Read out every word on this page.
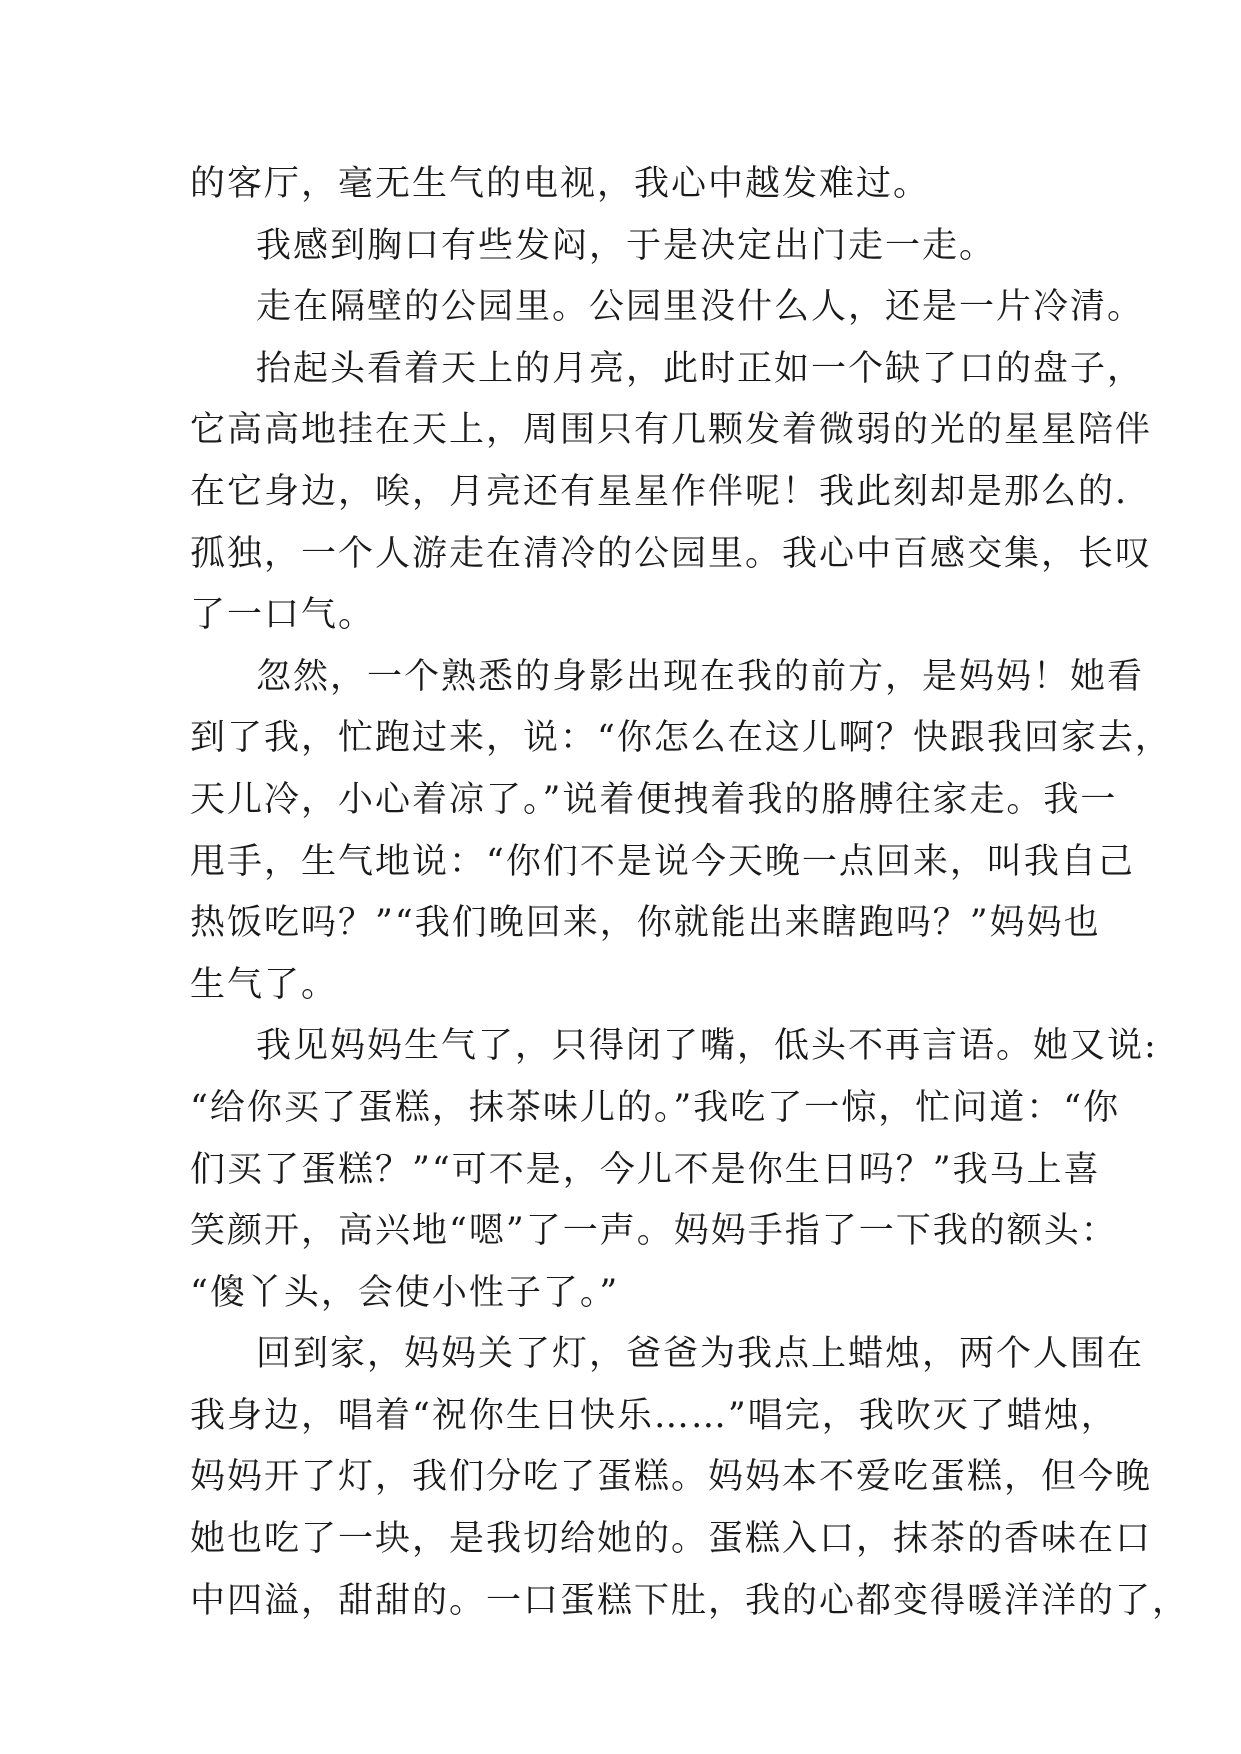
的客厅，毫无生气的电视，我心中越发难过。
我感到胸口有些发闷，于是决定出门走一走。
走在隔壁的公园里。公园里没什么人，还是一片冷清。
抬起头看着天上的月亮，此时正如一个缺了口的盘子，
它高高地挂在天上，周围只有几颗发着微弱的光的星星陪伴
在它身边，唉，月亮还有星星作伴呢！我此刻却是那么的.
孤独，一个人游走在清冷的公园里。我心中百感交集，长叹
了一口气。
忽然，一个熟悉的身影出现在我的前方，是妈妈！她看
到了我，忙跑过来，说：“你怎么在这儿啊？快跟我回家去，
天儿冷，小心着凉了。”说着便拽着我的胳膊往家走。我一
甩手，生气地说：“你们不是说今天晚一点回来，叫我自己
热饭吃吗？”“我们晚回来，你就能出来瞎跑吗？”妈妈也
生气了。
我见妈妈生气了，只得闭了嘴，低头不再言语。她又说:
“给你买了蛋糕，抹茶味儿的。”我吃了一惊，忙问道：“你
们买了蛋糕？”“可不是，今儿不是你生日吗？”我马上喜
笑颜开，高兴地“嗯”了一声。妈妈手指了一下我的额头：
“傻丫头，会使小性子了。”
回到家，妈妈关了灯，爸爸为我点上蜡烛，两个人围在
我身边，唱着“祝你生日快乐……”唱完，我吹灭了蜡烛，
妈妈开了灯，我们分吃了蛋糕。妈妈本不爱吃蛋糕，但今晚
她也吃了一块，是我切给她的。蛋糕入口，抹茶的香味在口
中四溢，甜甜的。一口蛋糕下肚，我的心都变得暖洋洋的了，
